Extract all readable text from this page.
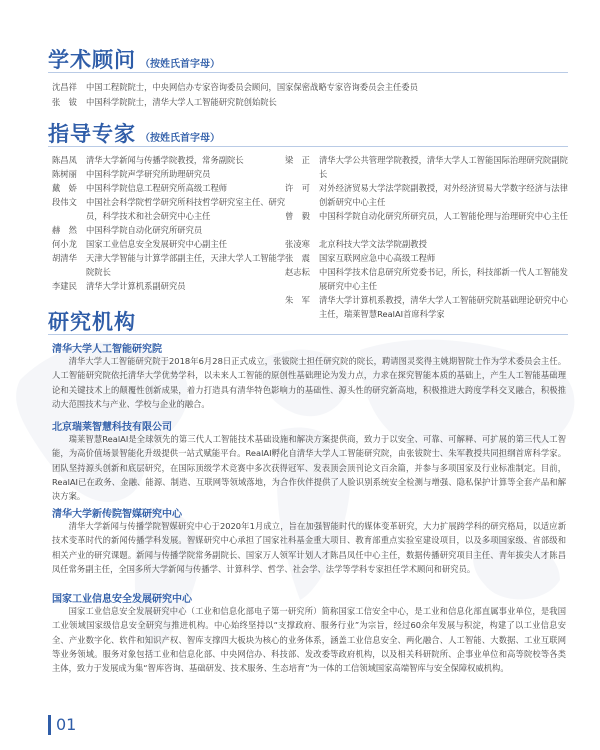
学术顾问 （按姓氏首字母）
沈昌祥	中国工程院院士，中央网信办专家咨询委员会顾问，国家保密战略专家咨询委员会主任委员
张　钹	中国科学院院士，清华大学人工智能研究院创始院长
指导专家 （按姓氏首字母）
陈昌凤	清华大学新闻与传播学院教授，常务副院长
陈树丽	中国科学院声学研究所助理研究员
戴　娇	中国科学院信息工程研究所高级工程师
段伟文	中国社会科学院哲学研究所科技哲学研究室主任、研究员，科学技术和社会研究中心主任
赫　然	中国科学院自动化研究所研究员
何小龙	国家工业信息安全发展研究中心副主任
胡清华	天津大学智能与计算学部副主任，天津大学人工智能学院院长
李建民	清华大学计算机系副研究员
梁　正	清华大学公共管理学院教授，清华大学人工智能国际治理研究院副院长
许　可	对外经济贸易大学法学院副教授，对外经济贸易大学数字经济与法律创新研究中心主任
曾　毅	中国科学院自动化研究所研究员，人工智能伦理与治理研究中心主任
张凌寒	北京科技大学文法学院副教授
张　震	国家互联网应急中心高级工程师
赵志耘	中国科学技术信息研究所党委书记，所长，科技部新一代人工智能发展研究中心主任
朱　军	清华大学计算机系教授，清华大学人工智能研究院基础理论研究中心主任，瑞莱智慧RealAI首席科学家
研究机构
清华大学人工智能研究院
清华大学人工智能研究院于2018年6月28日正式成立，张钹院士担任研究院的院长，聘请图灵奖得主姚期智院士作为学术委员会主任。人工智能研究院依托清华大学优势学科，以未来人工智能的原创性基础理论为发力点，力求在探究智能本质的基础上，产生人工智能基础理论和关键技术上的颠覆性创新成果，着力打造具有清华特色影响力的基础性、源头性的研究新高地，积极推进大跨度学科交叉融合，积极推动大范围技术与产业、学校与企业的融合。
北京瑞莱智慧科技有限公司
瑞莱智慧RealAI是全球领先的第三代人工智能技术基础设施和解决方案提供商，致力于以安全、可靠、可解释、可扩展的第三代人工智能，为高价值场景智能化升级提供一站式赋能平台。RealAI孵化自清华大学人工智能研究院，由张钹院士、朱军教授共同担纲首席科学家。团队坚持源头创新和底层研究，在国际顶级学术竞赛中多次获得冠军、发表顶会顶刊论文百余篇，并参与多项国家及行业标准制定。目前，RealAI已在政务、金融、能源、制造、互联网等领域落地，为合作伙伴提供了人脸识别系统安全检测与增强、隐私保护计算等全套产品和解决方案。
清华大学新传院智媒研究中心
清华大学新闻与传播学院智媒研究中心于2020年1月成立，旨在加强智能时代的媒体变革研究，大力扩展跨学科的研究格局，以适应新技术变革时代的新闻传播学科发展。智媒研究中心承担了国家社科基金重大项目、教育部重点实验室建设项目，以及多项国家级、省部级和相关产业的研究课题。新闻与传播学院常务副院长、国家万人领军计划人才陈昌凤任中心主任，数据传播研究项目主任、青年拔尖人才陈昌凤任常务副主任，全国多所大学新闻与传播学、计算科学、哲学、社会学、法学等学科专家担任学术顾问和研究员。
国家工业信息安全发展研究中心
国家工业信息安全发展研究中心（工业和信息化部电子第一研究所）简称国家工信安全中心，是工业和信息化部直属事业单位，是我国工业领域国家级信息安全研究与推进机构。中心始终坚持以“支撑政府、服务行业”为宗旨，经过60余年发展与积淀，构建了以工业信息安全、产业数字化、软件和知识产权、智库支撑四大板块为核心的业务体系，涵盖工业信息安全、两化融合、人工智能、大数据、工业互联网等业务领域。服务对象包括工业和信息化部、中央网信办、科技部、发改委等政府机构，以及相关科研院所、企事业单位和高等院校等各类主体，致力于发展成为集“智库咨询、基础研发、技术服务、生态培育”为一体的工信领域国家高端智库与安全保障权威机构。
01
